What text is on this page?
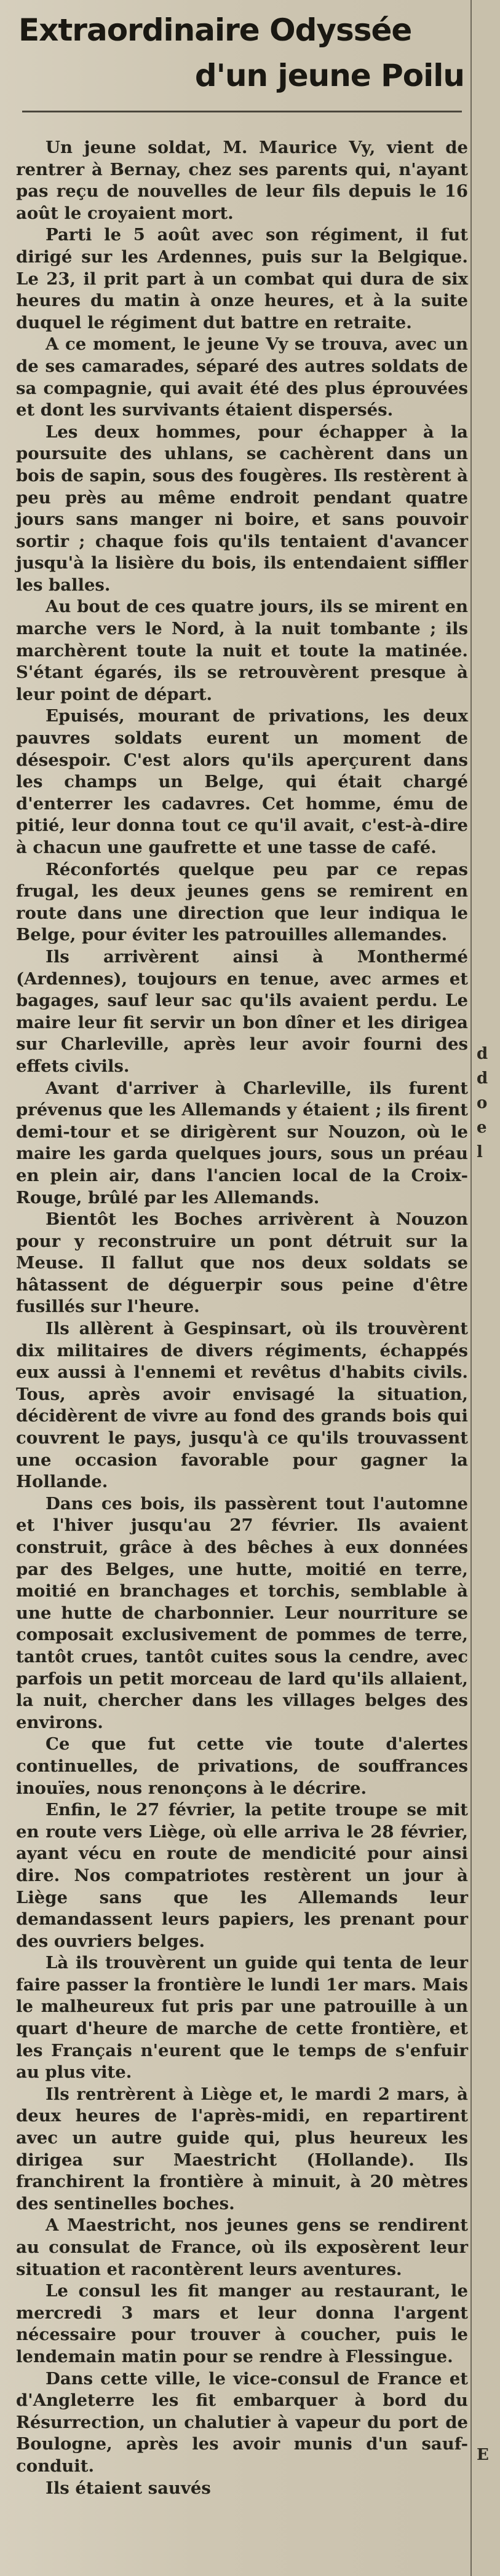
Extraordinaire Odyssée
d'un jeune Poilu

Un jeune soldat, M. Maurice Vy, vient de rentrer à Bernay, chez ses parents qui, n'ayant pas reçu de nouvelles de leur fils depuis le 16 août le croyaient mort.

Parti le 5 août avec son régiment, il fut dirigé sur les Ardennes, puis sur la Belgique. Le 23, il prit part à un combat qui dura de six heures du matin à onze heures, et à la suite duquel le régiment dut battre en retraite.

A ce moment, le jeune Vy se trouva, avec un de ses camarades, séparé des autres soldats de sa compagnie, qui avait été des plus éprouvées et dont les survivants étaient dispersés.

Les deux hommes, pour échapper à la poursuite des uhlans, se cachèrent dans un bois de sapin, sous des fougères. Ils restèrent à peu près au même endroit pendant quatre jours sans manger ni boire, et sans pouvoir sortir ; chaque fois qu'ils tentaient d'avancer jusqu'à la lisière du bois, ils entendaient siffler les balles.

Au bout de ces quatre jours, ils se mirent en marche vers le Nord, à la nuit tombante ; ils marchèrent toute la nuit et toute la matinée. S'étant égarés, ils se retrouvèrent presque à leur point de départ.

Epuisés, mourant de privations, les deux pauvres soldats eurent un moment de désespoir. C'est alors qu'ils aperçurent dans les champs un Belge, qui était chargé d'enterrer les cadavres. Cet homme, ému de pitié, leur donna tout ce qu'il avait, c'est-à-dire à chacun une gaufrette et une tasse de café.

Réconfortés quelque peu par ce repas frugal, les deux jeunes gens se remirent en route dans une direction que leur indiqua le Belge, pour éviter les patrouilles allemandes.

Ils arrivèrent ainsi à Monthermé (Ardennes), toujours en tenue, avec armes et bagages, sauf leur sac qu'ils avaient perdu. Le maire leur fit servir un bon dîner et les dirigea sur Charleville, après leur avoir fourni des effets civils.

Avant d'arriver à Charleville, ils furent prévenus que les Allemands y étaient ; ils firent demi-tour et se dirigèrent sur Nouzon, où le maire les garda quelques jours, sous un préau en plein air, dans l'ancien local de la Croix-Rouge, brûlé par les Allemands.

Bientôt les Boches arrivèrent à Nouzon pour y reconstruire un pont détruit sur la Meuse. Il fallut que nos deux soldats se hâtassent de déguerpir sous peine d'être fusillés sur l'heure.

Ils allèrent à Gespinsart, où ils trouvèrent dix militaires de divers régiments, échappés eux aussi à l'ennemi et revêtus d'habits civils. Tous, après avoir envisagé la situation, décidèrent de vivre au fond des grands bois qui couvrent le pays, jusqu'à ce qu'ils trouvassent une occasion favorable pour gagner la Hollande.

Dans ces bois, ils passèrent tout l'automne et l'hiver jusqu'au 27 février. Ils avaient construit, grâce à des bêches à eux données par des Belges, une hutte, moitié en terre, moitié en branchages et torchis, semblable à une hutte de charbonnier. Leur nourriture se composait exclusivement de pommes de terre, tantôt crues, tantôt cuites sous la cendre, avec parfois un petit morceau de lard qu'ils allaient, la nuit, chercher dans les villages belges des environs.

Ce que fut cette vie toute d'alertes continuelles, de privations, de souffrances inouïes, nous renonçons à le décrire.

Enfin, le 27 février, la petite troupe se mit en route vers Liège, où elle arriva le 28 février, ayant vécu en route de mendicité pour ainsi dire. Nos compatriotes restèrent un jour à Liège sans que les Allemands leur demandassent leurs papiers, les prenant pour des ouvriers belges.

Là ils trouvèrent un guide qui tenta de leur faire passer la frontière le lundi 1er mars. Mais le malheureux fut pris par une patrouille à un quart d'heure de marche de cette frontière, et les Français n'eurent que le temps de s'enfuir au plus vite.

Ils rentrèrent à Liège et, le mardi 2 mars, à deux heures de l'après-midi, en repartirent avec un autre guide qui, plus heureux les dirigea sur Maestricht (Hollande). Ils franchirent la frontière à minuit, à 20 mètres des sentinelles boches.

A Maestricht, nos jeunes gens se rendirent au consulat de France, où ils exposèrent leur situation et racontèrent leurs aventures.

Le consul les fit manger au restaurant, le mercredi 3 mars et leur donna l'argent nécessaire pour trouver à coucher, puis le lendemain matin pour se rendre à Flessingue.

Dans cette ville, le vice-consul de France et d'Angleterre les fit embarquer à bord du Résurrection, un chalutier à vapeur du port de Boulogne, après les avoir munis d'un sauf-conduit.

Ils étaient sauvés

d
d
o
e
l
E
